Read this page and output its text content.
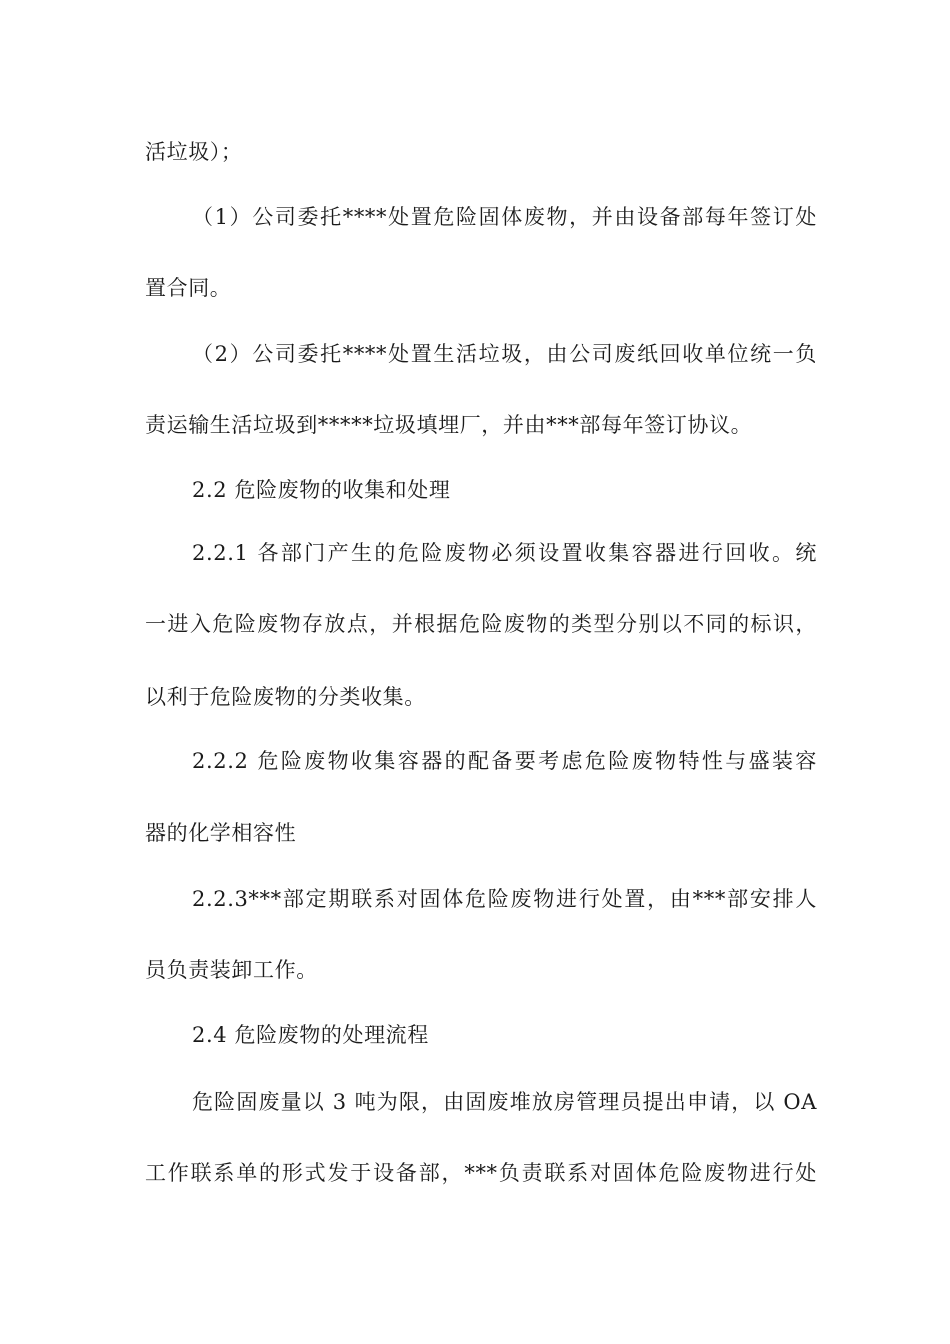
活垃圾）；
（1）公司委托****处置危险固体废物，并由设备部每年签订处
置合同。
（2）公司委托****处置生活垃圾，由公司废纸回收单位统一负
责运输生活垃圾到*****垃圾填埋厂，并由***部每年签订协议。
2.2 危险废物的收集和处理
2.2.1 各部门产生的危险废物必须设置收集容器进行回收。统
一进入危险废物存放点，并根据危险废物的类型分别以不同的标识，
以利于危险废物的分类收集。
2.2.2 危险废物收集容器的配备要考虑危险废物特性与盛装容
器的化学相容性
2.2.3***部定期联系对固体危险废物进行处置，由***部安排人
员负责装卸工作。
2.4 危险废物的处理流程
危险固废量以 3 吨为限，由固废堆放房管理员提出申请，以 OA
工作联系单的形式发于设备部，***负责联系对固体危险废物进行处
